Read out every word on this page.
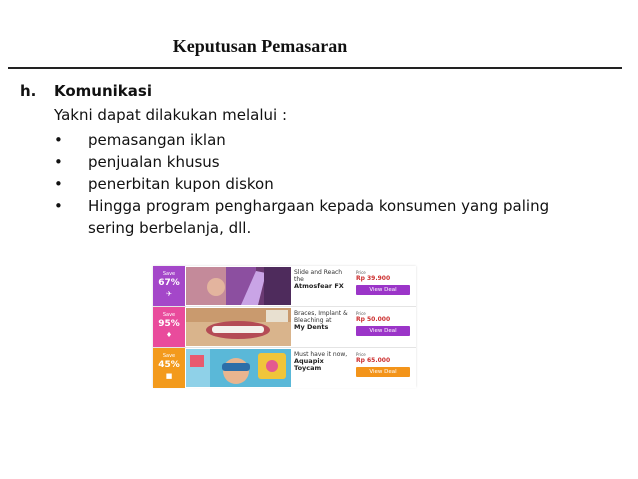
Keputusan Pemasaran
h. Komunikasi
Yakni dapat dilakukan melalui :
• pemasangan iklan
• penjualan khusus
• penerbitan kupon diskon
• Hingga program penghargaan kepada konsumen yang paling sering berbelanja, dll.
Save
67%
✈
Slide and Reach the
Atmosfear FX
Price
Rp 39.900
View Deal
Save
95%
♦
Braces, Implant & Bleaching at
My Dents
Price
Rp 50.000
View Deal
Save
45%
■
Must have it now,
Aquapix Toycam
Price
Rp 65.000
View Deal
